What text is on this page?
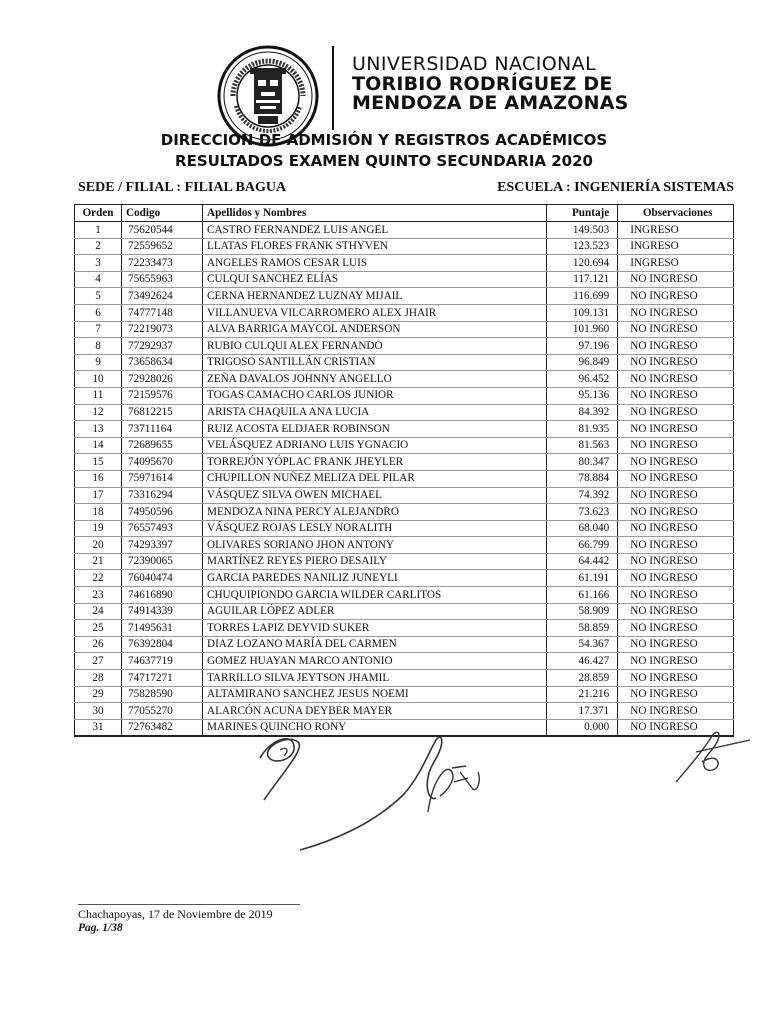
UNIVERSIDAD NACIONAL
TORIBIO RODRÍGUEZ DE
MENDOZA DE AMAZONAS
DIRECCION DE ADMISIÓN Y REGISTROS ACADÉMICOS
RESULTADOS EXAMEN QUINTO SECUNDARIA 2020
SEDE / FILIAL : FILIAL BAGUA	ESCUELA : INGENIERÍA SISTEMAS
Orden	Codigo	Apellidos y Nombres	Puntaje	Observaciones
1	75620544	CASTRO FERNANDEZ LUIS ANGEL	149.503	INGRESO
2	72559652	LLATAS FLORES FRANK STHYVEN	123.523	INGRESO
3	72233473	ANGELES RAMOS CESAR LUIS	120.694	INGRESO
4	75655963	CULQUI SANCHEZ ELÍAS	117.121	NO INGRESO
5	73492624	CERNA HERNANDEZ LUZNAY MIJAIL	116.699	NO INGRESO
6	74777148	VILLANUEVA VILCARROMERO ALEX JHAIR	109.131	NO INGRESO
7	72219073	ALVA BARRIGA MAYCOL ANDERSON	101.960	NO INGRESO
8	77292937	RUBIO CULQUI ALEX FERNANDO	97.196	NO INGRESO
9	73658634	TRIGOSO SANTILLÁN CRISTIAN	96.849	NO INGRESO
10	72928026	ZEÑA DAVALOS JOHNNY ANGELLO	96.452	NO INGRESO
11	72159576	TOGAS CAMACHO CARLOS JUNIOR	95.136	NO INGRESO
12	76812215	ARISTA CHAQUILA ANA LUCIA	84.392	NO INGRESO
13	73711164	RUIZ ACOSTA ELDJAER ROBINSON	81.935	NO INGRESO
14	72689655	VELÁSQUEZ ADRIANO LUIS YGNACIO	81.563	NO INGRESO
15	74095670	TORREJÓN YÓPLAC FRANK JHEYLER	80.347	NO INGRESO
16	75971614	CHUPILLON NUÑEZ MELIZA DEL PILAR	78.884	NO INGRESO
17	73316294	VÁSQUEZ SILVA OWEN MICHAEL	74.392	NO INGRESO
18	74950596	MENDOZA NINA PERCY ALEJANDRO	73.623	NO INGRESO
19	76557493	VÁSQUEZ ROJAS LESLY NORALITH	68.040	NO INGRESO
20	74293397	OLIVARES SORIANO JHON ANTONY	66.799	NO INGRESO
21	72390065	MARTÍNEZ REYES PIERO DESAILY	64.442	NO INGRESO
22	76040474	GARCIA PAREDES NANILIZ JUNEYLI	61.191	NO INGRESO
23	74616890	CHUQUIPIONDO GARCIA WILDER CARLITOS	61.166	NO INGRESO
24	74914339	AGUILAR LÓPEZ ADLER	58.909	NO INGRESO
25	71495631	TORRES LAPIZ DEYVID SUKER	58.859	NO INGRESO
26	76392804	DIAZ LOZANO MARÍA DEL CARMEN	54.367	NO INGRESO
27	74637719	GOMEZ HUAYAN MARCO ANTONIO	46.427	NO INGRESO
28	74717271	TARRILLO SILVA JEYTSON JHAMIL	28.859	NO INGRESO
29	75828590	ALTAMIRANO SANCHEZ JESUS NOEMI	21.216	NO INGRESO
30	77055270	ALARCÓN ACUÑA DEYBER MAYER	17.371	NO INGRESO
31	72763482	MARINES QUINCHO RONY	0.000	NO INGRESO
Chachapoyas, 17 de Noviembre de 2019
Pag. 1/38
